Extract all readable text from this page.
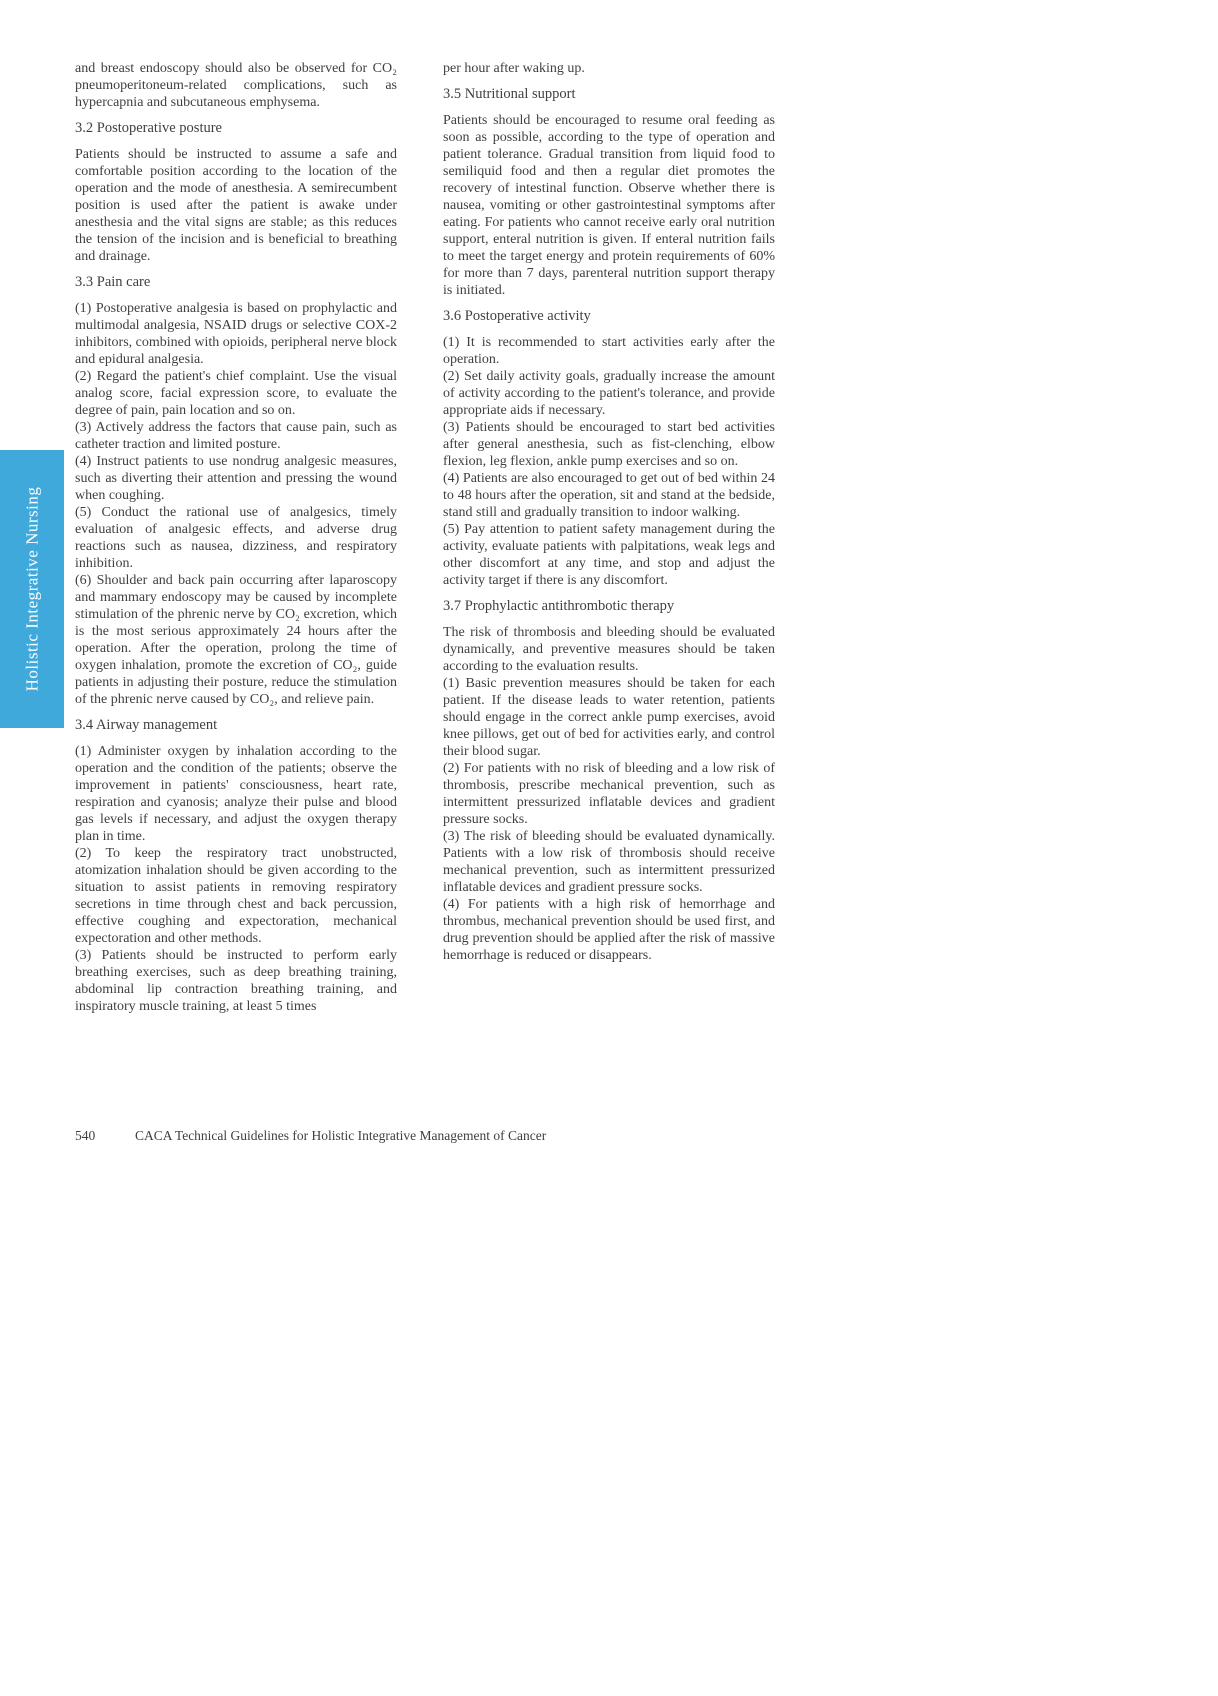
Holistic Integrative Nursing

and breast endoscopy should also be observed for CO₂ pneumoperitoneum-related complications, such as hypercapnia and subcutaneous emphysema.

3.2 Postoperative posture

Patients should be instructed to assume a safe and comfortable position according to the location of the operation and the mode of anesthesia. A semirecumbent position is used after the patient is awake under anesthesia and the vital signs are stable; as this reduces the tension of the incision and is beneficial to breathing and drainage.

3.3 Pain care

(1) Postoperative analgesia is based on prophylactic and multimodal analgesia, NSAID drugs or selective COX-2 inhibitors, combined with opioids, peripheral nerve block and epidural analgesia.

(2) Regard the patient's chief complaint. Use the visual analog score, facial expression score, to evaluate the degree of pain, pain location and so on.

(3) Actively address the factors that cause pain, such as catheter traction and limited posture.

(4) Instruct patients to use nondrug analgesic measures, such as diverting their attention and pressing the wound when coughing.

(5) Conduct the rational use of analgesics, timely evaluation of analgesic effects, and adverse drug reactions such as nausea, dizziness, and respiratory inhibition.

(6) Shoulder and back pain occurring after laparoscopy and mammary endoscopy may be caused by incomplete stimulation of the phrenic nerve by CO₂ excretion, which is the most serious approximately 24 hours after the operation. After the operation, prolong the time of oxygen inhalation, promote the excretion of CO₂, guide patients in adjusting their posture, reduce the stimulation of the phrenic nerve caused by CO₂, and relieve pain.

3.4 Airway management

(1) Administer oxygen by inhalation according to the operation and the condition of the patients; observe the improvement in patients' consciousness, heart rate, respiration and cyanosis; analyze their pulse and blood gas levels if necessary, and adjust the oxygen therapy plan in time.

(2) To keep the respiratory tract unobstructed, atomization inhalation should be given according to the situation to assist patients in removing respiratory secretions in time through chest and back percussion, effective coughing and expectoration, mechanical expectoration and other methods.

(3) Patients should be instructed to perform early breathing exercises, such as deep breathing training, abdominal lip contraction breathing training, and inspiratory muscle training, at least 5 times

per hour after waking up.

3.5 Nutritional support

Patients should be encouraged to resume oral feeding as soon as possible, according to the type of operation and patient tolerance. Gradual transition from liquid food to semiliquid food and then a regular diet promotes the recovery of intestinal function. Observe whether there is nausea, vomiting or other gastrointestinal symptoms after eating. For patients who cannot receive early oral nutrition support, enteral nutrition is given. If enteral nutrition fails to meet the target energy and protein requirements of 60% for more than 7 days, parenteral nutrition support therapy is initiated.

3.6 Postoperative activity

(1) It is recommended to start activities early after the operation.

(2) Set daily activity goals, gradually increase the amount of activity according to the patient's tolerance, and provide appropriate aids if necessary.

(3) Patients should be encouraged to start bed activities after general anesthesia, such as fist-clenching, elbow flexion, leg flexion, ankle pump exercises and so on.

(4) Patients are also encouraged to get out of bed within 24 to 48 hours after the operation, sit and stand at the bedside, stand still and gradually transition to indoor walking.

(5) Pay attention to patient safety management during the activity, evaluate patients with palpitations, weak legs and other discomfort at any time, and stop and adjust the activity target if there is any discomfort.

3.7 Prophylactic antithrombotic therapy

The risk of thrombosis and bleeding should be evaluated dynamically, and preventive measures should be taken according to the evaluation results.

(1) Basic prevention measures should be taken for each patient. If the disease leads to water retention, patients should engage in the correct ankle pump exercises, avoid knee pillows, get out of bed for activities early, and control their blood sugar.

(2) For patients with no risk of bleeding and a low risk of thrombosis, prescribe mechanical prevention, such as intermittent pressurized inflatable devices and gradient pressure socks.

(3) The risk of bleeding should be evaluated dynamically. Patients with a low risk of thrombosis should receive mechanical prevention, such as intermittent pressurized inflatable devices and gradient pressure socks.

(4) For patients with a high risk of hemorrhage and thrombus, mechanical prevention should be used first, and drug prevention should be applied after the risk of massive hemorrhage is reduced or disappears.

540	CACA Technical Guidelines for Holistic Integrative Management of Cancer
